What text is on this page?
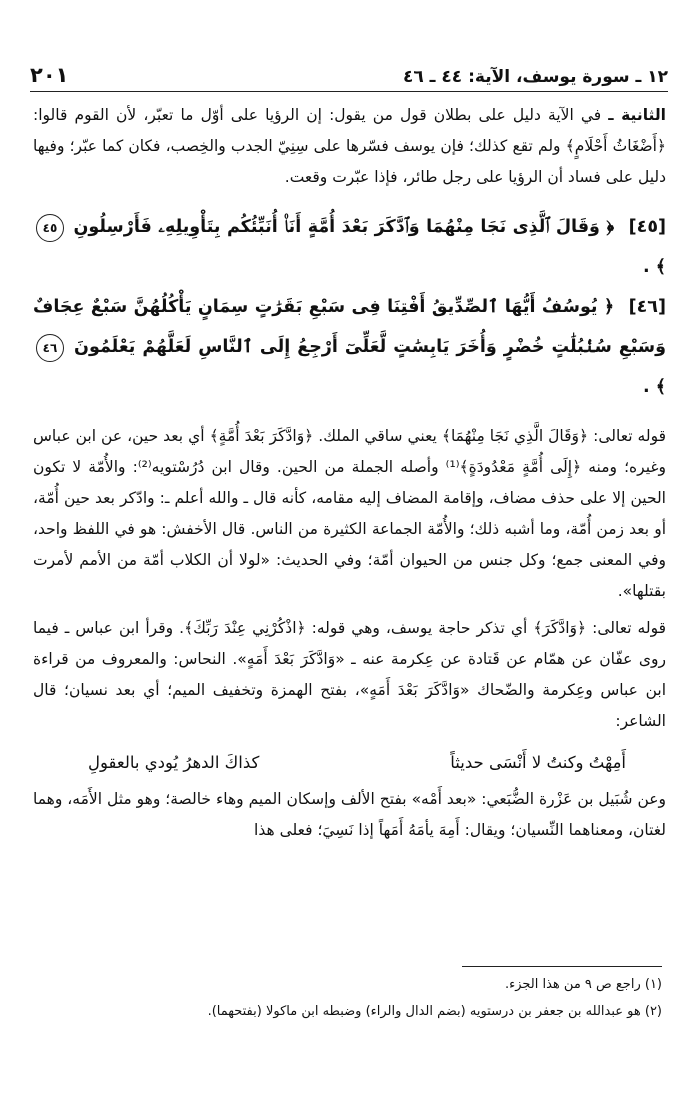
١٢ ـ سورة يوسف، الآية: ٤٤ ـ ٤٦
٢٠١

الثانية ـ في الآية دليل على بطلان قول من يقول: إن الرؤيا على أوّل ما تعبّر، لأن القوم قالوا: ﴿أَضْغَاثُ أَحْلَامٍ﴾ ولم تقع كذلك؛ فإن يوسف فسّرها على سِنِيّ الجدب والخِصب، فكان كما عبّر؛ وفيها دليل على فساد أن الرؤيا على رجل طائر، فإذا عبّرت وقعت.

[٤٥] ﴿ وَقَالَ ٱلَّذِى نَجَا مِنْهُمَا وَٱدَّكَرَ بَعْدَ أُمَّةٍ أَنَا۠ أُنَبِّئُكُم بِتَأْوِيلِهِۦ فَأَرْسِلُونِ ٤٥ ﴾ .
[٤٦] ﴿ يُوسُفُ أَيُّهَا ٱلصِّدِّيقُ أَفْتِنَا فِى سَبْعِ بَقَرَٰتٍ سِمَانٍ يَأْكُلُهُنَّ سَبْعٌ عِجَافٌ وَسَبْعِ سُنۢبُلَٰتٍ خُضْرٍ وَأُخَرَ يَابِسَٰتٍ لَّعَلِّىٓ أَرْجِعُ إِلَى ٱلنَّاسِ لَعَلَّهُمْ يَعْلَمُونَ ٤٦ ﴾ .

قوله تعالى: ﴿وَقَالَ الَّذِي نَجَا مِنْهُمَا﴾ يعني ساقي الملك. ﴿وَادَّكَرَ بَعْدَ أُمَّةٍ﴾ أي بعد حين، عن ابن عباس وغيره؛ ومنه ﴿إِلَى أُمَّةٍ مَعْدُودَةٍ﴾⁽¹⁾ وأصله الجملة من الحين. وقال ابن دُرُسْتويه⁽²⁾: والأُمّة لا تكون الحين إلا على حذف مضاف، وإقامة المضاف إليه مقامه، كأنه قال ـ والله أعلم ـ: وادّكر بعد حين أُمّة، أو بعد زمن أُمّة، وما أشبه ذلك؛ والأُمّة الجماعة الكثيرة من الناس. قال الأخفش: هو في اللفظ واحد، وفي المعنى جمع؛ وكل جنس من الحيوان أمّة؛ وفي الحديث: «لولا أن الكلاب أمّة من الأمم لأمرت بقتلها».

قوله تعالى: ﴿وَادَّكَرَ﴾ أي تذكر حاجة يوسف، وهي قوله: ﴿اذْكُرْنِي عِنْدَ رَبِّكَ﴾. وقرأ ابن عباس ـ فيما روى عفّان عن همّام عن قَتادة عن عِكرمة عنه ـ «وَادَّكَرَ بَعْدَ أَمَهٍ». النحاس: والمعروف من قراءة ابن عباس وعِكرمة والضّحاك «وَادَّكَرَ بَعْدَ أَمَهٍ»، بفتح الهمزة وتخفيف الميم؛ أي بعد نسيان؛ قال الشاعر:

أَمِهْتُ وكنتُ لا أَنْسَى حديثاً
كذاكَ الدهرُ يُودي بالعقولِ

وعن شُبَيل بن عَزْرة الضُّبَعي: «بعد أَمْه» بفتح الألف وإسكان الميم وهاء خالصة؛ وهو مثل الأَمَه، وهما لغتان، ومعناهما النِّسيان؛ ويقال: أَمِهَ يأمَهُ أَمَهاً إذا نَسِيَ؛ فعلى هذا

(١) راجع ص ٩ من هذا الجزء.
(٢) هو عبدالله بن جعفر بن درستويه (بضم الدال والراء) وضبطه ابن ماكولا (بفتحهما).
